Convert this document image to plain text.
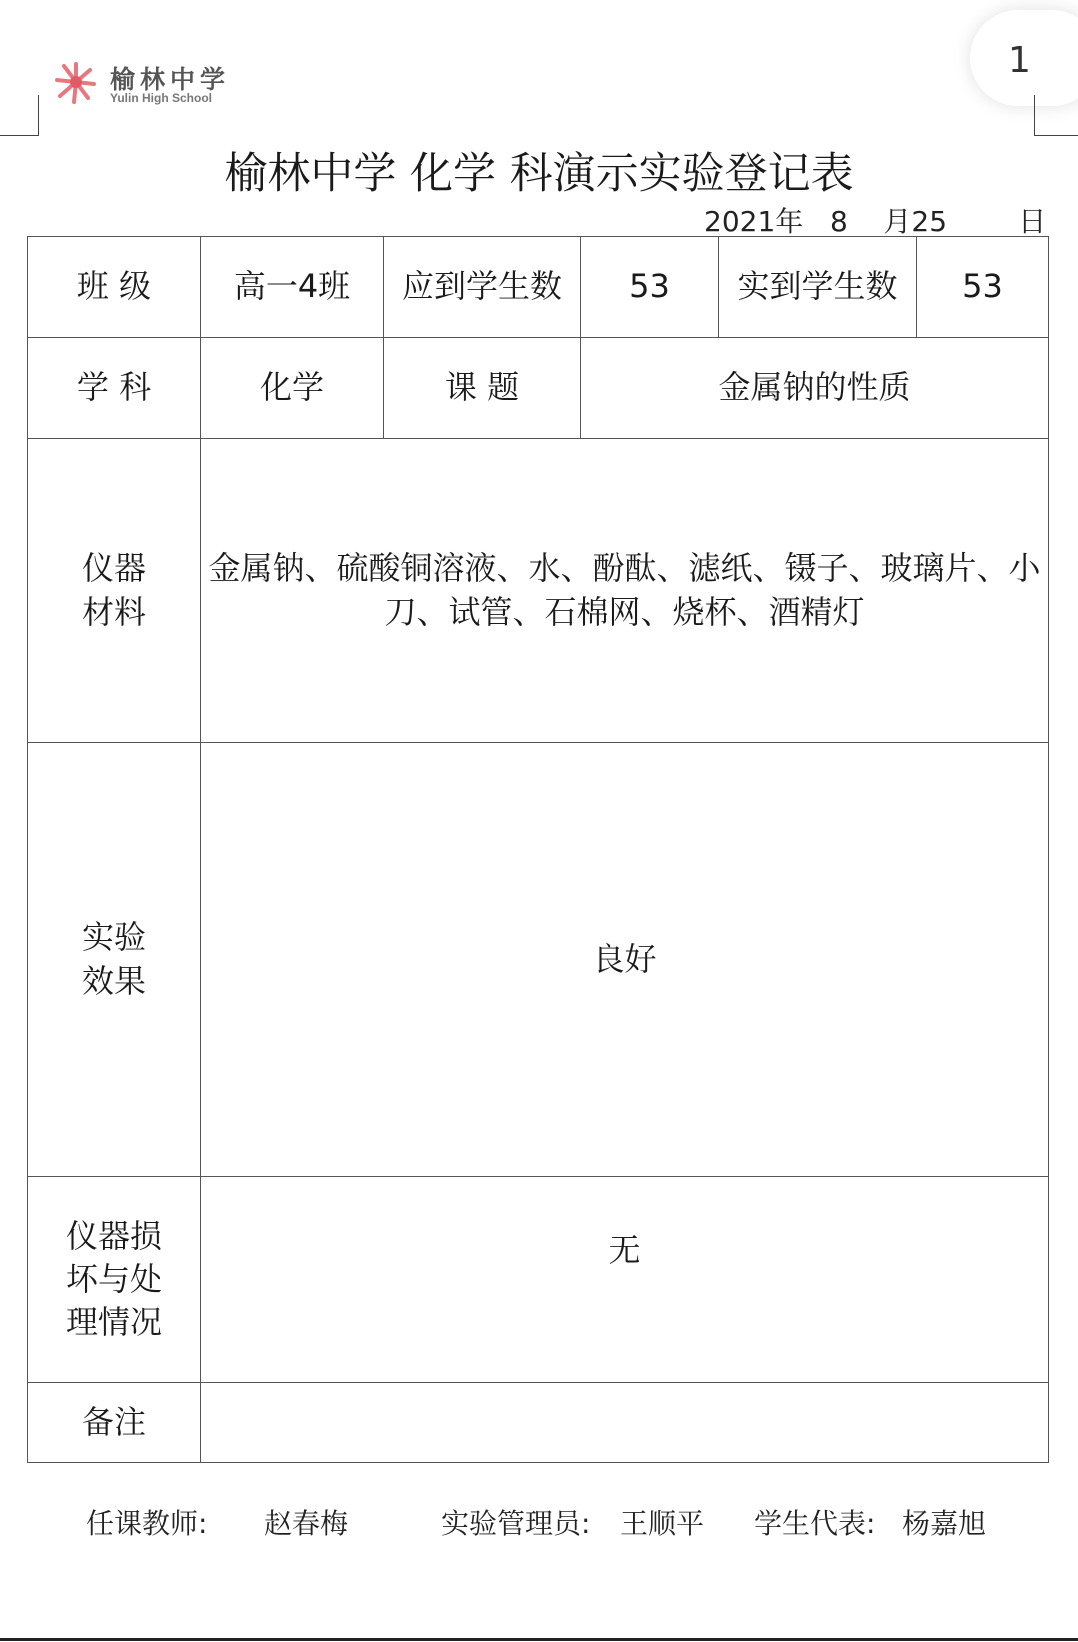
1
榆林中学
Yulin High School
榆林中学 化学 科演示实验登记表
2021年   8    月25        日
班 级	高一4班	应到学生数	53	实到学生数	53
学 科	化学	课 题	金属钠的性质		
仪器
材料	金属钠、硫酸铜溶液、水、酚酞、滤纸、镊子、玻璃片、小刀、试管、石棉网、烧杯、酒精灯				
实验
效果	良好				
仪器损
坏与处
理情况	无				
备注					
任课教师: 赵春梅	实验管理员: 王顺平 学生代表: 杨嘉旭
